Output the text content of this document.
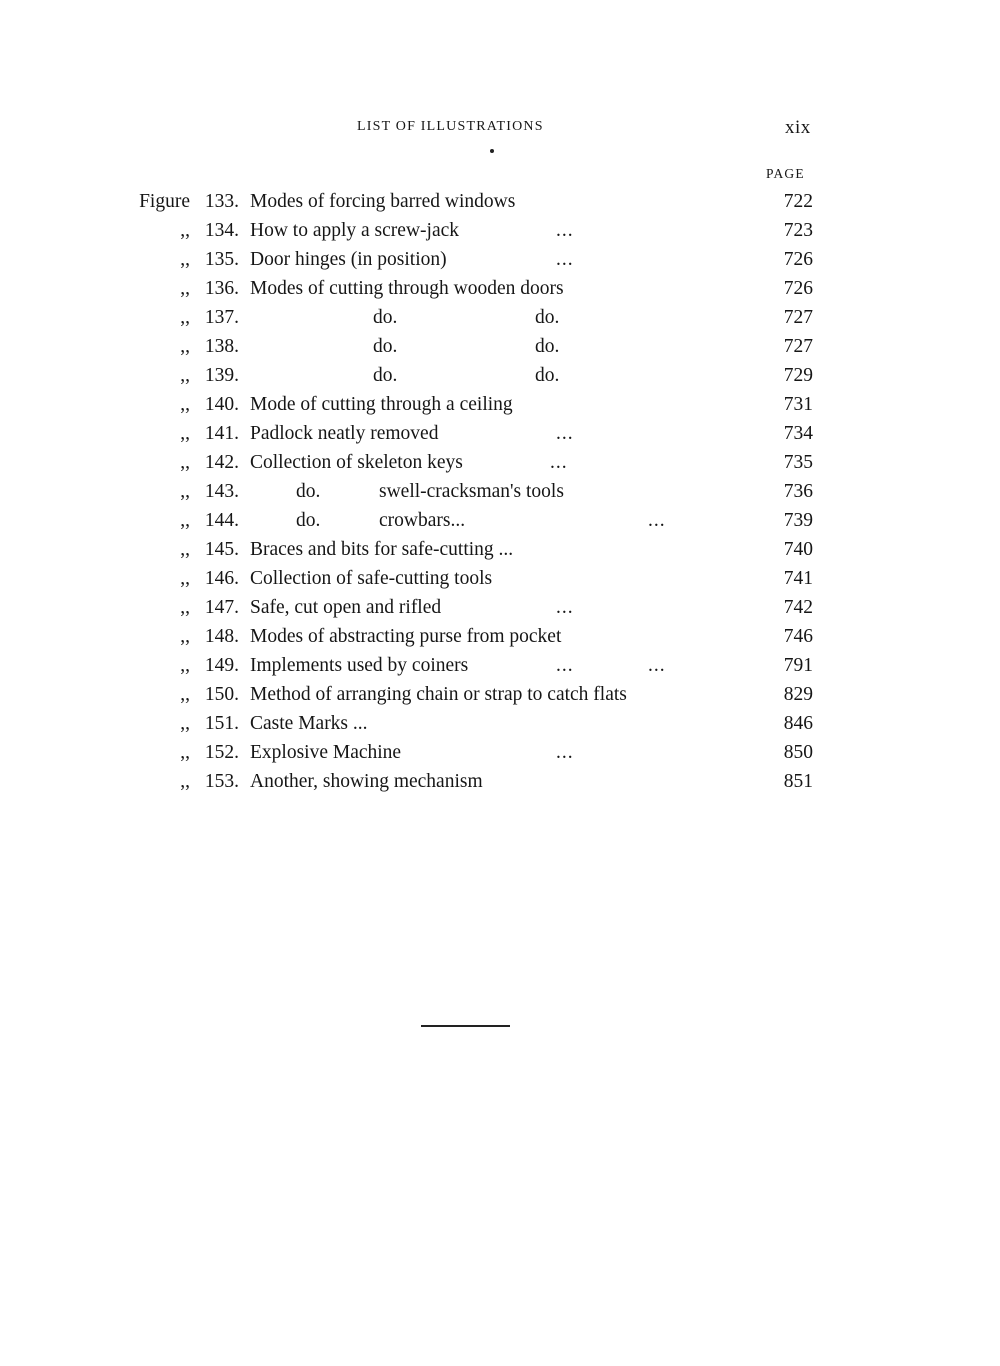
LIST OF ILLUSTRATIONS	xix
PAGE
Figure 133. Modes of forcing barred windows	722
,, 134. How to apply a screw-jack	...	723
,, 135. Door hinges (in position)	...	726
,, 136. Modes of cutting through wooden doors	726
,, 137.	do.	do.	727
,, 138.	do.	do.	727
,, 139.	do.	do.	729
,, 140. Mode of cutting through a ceiling	731
,, 141. Padlock neatly removed	...	734
,, 142. Collection of skeleton keys	...	735
,, 143.	do.	swell-cracksman's tools	736
,, 144.	do.	crowbars...	...	739
,, 145. Braces and bits for safe-cutting ...	740
,, 146. Collection of safe-cutting tools	741
,, 147. Safe, cut open and rifled	...	742
,, 148. Modes of abstracting purse from pocket	746
,, 149. Implements used by coiners	...	...	791
,, 150. Method of arranging chain or strap to catch flats	829
,, 151. Caste Marks ...	846
,, 152. Explosive Machine	...	850
,, 153. Another, showing mechanism	851
